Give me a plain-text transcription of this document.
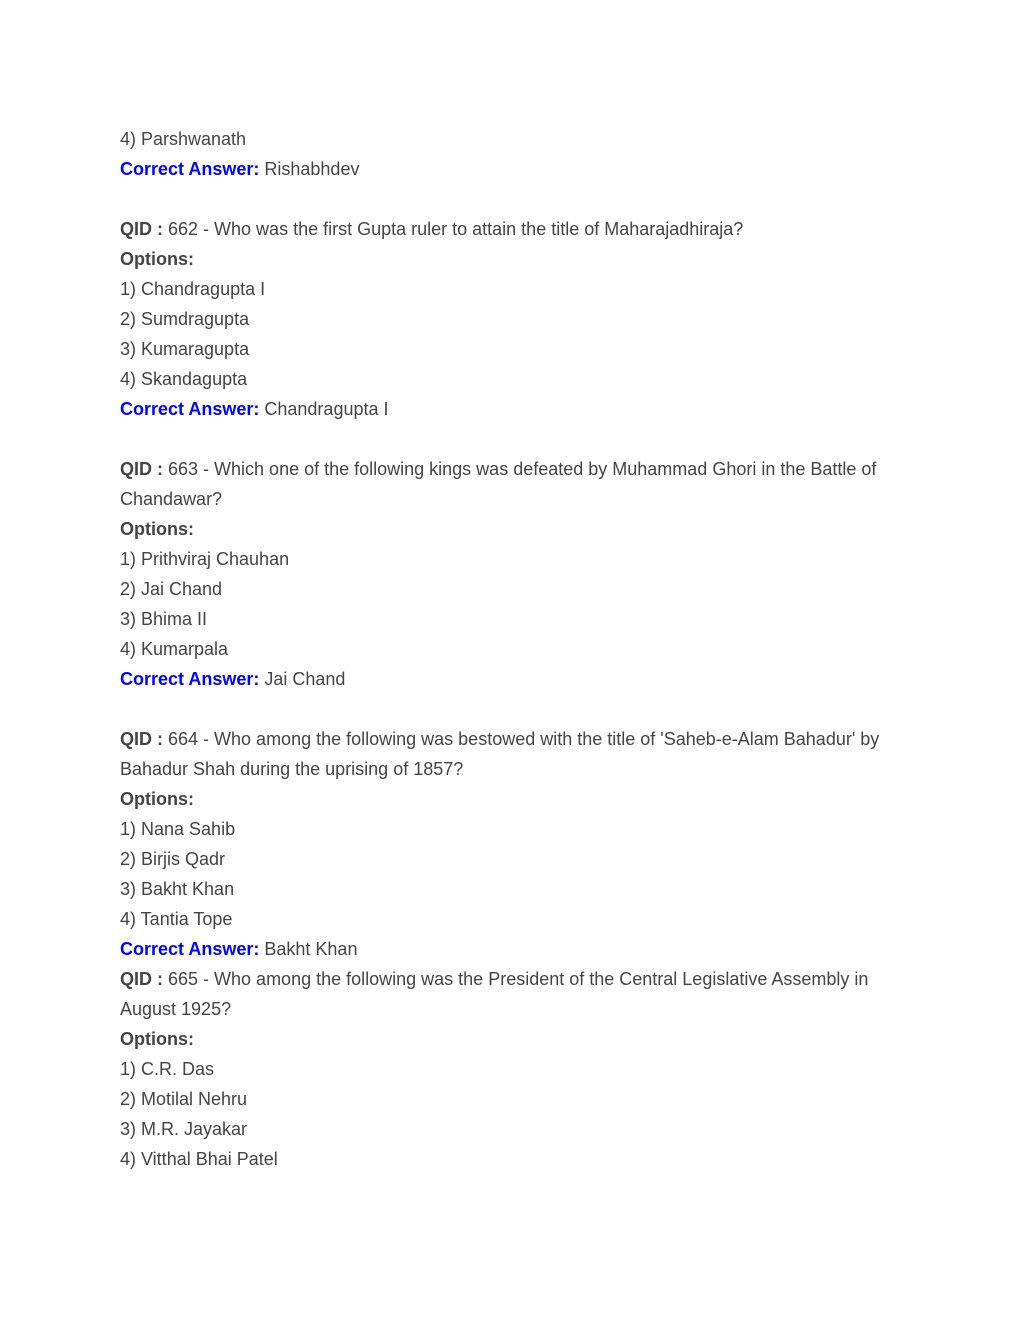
4) Parshwanath
Correct Answer: Rishabhdev
QID : 662 - Who was the first Gupta ruler to attain the title of Maharajadhiraja?
Options:
1) Chandragupta I
2) Sumdragupta
3) Kumaragupta
4) Skandagupta
Correct Answer: Chandragupta I
QID : 663 - Which one of the following kings was defeated by Muhammad Ghori in the Battle of
Chandawar?
Options:
1) Prithviraj Chauhan
2) Jai Chand
3) Bhima II
4) Kumarpala
Correct Answer: Jai Chand
QID : 664 - Who among the following was bestowed with the title of 'Saheb-e-Alam Bahadur' by
Bahadur Shah during the uprising of 1857?
Options:
1) Nana Sahib
2) Birjis Qadr
3) Bakht Khan
4) Tantia Tope
Correct Answer: Bakht Khan
QID : 665 - Who among the following was the President of the Central Legislative Assembly in
August 1925?
Options:
1) C.R. Das
2) Motilal Nehru
3) M.R. Jayakar
4) Vitthal Bhai Patel
